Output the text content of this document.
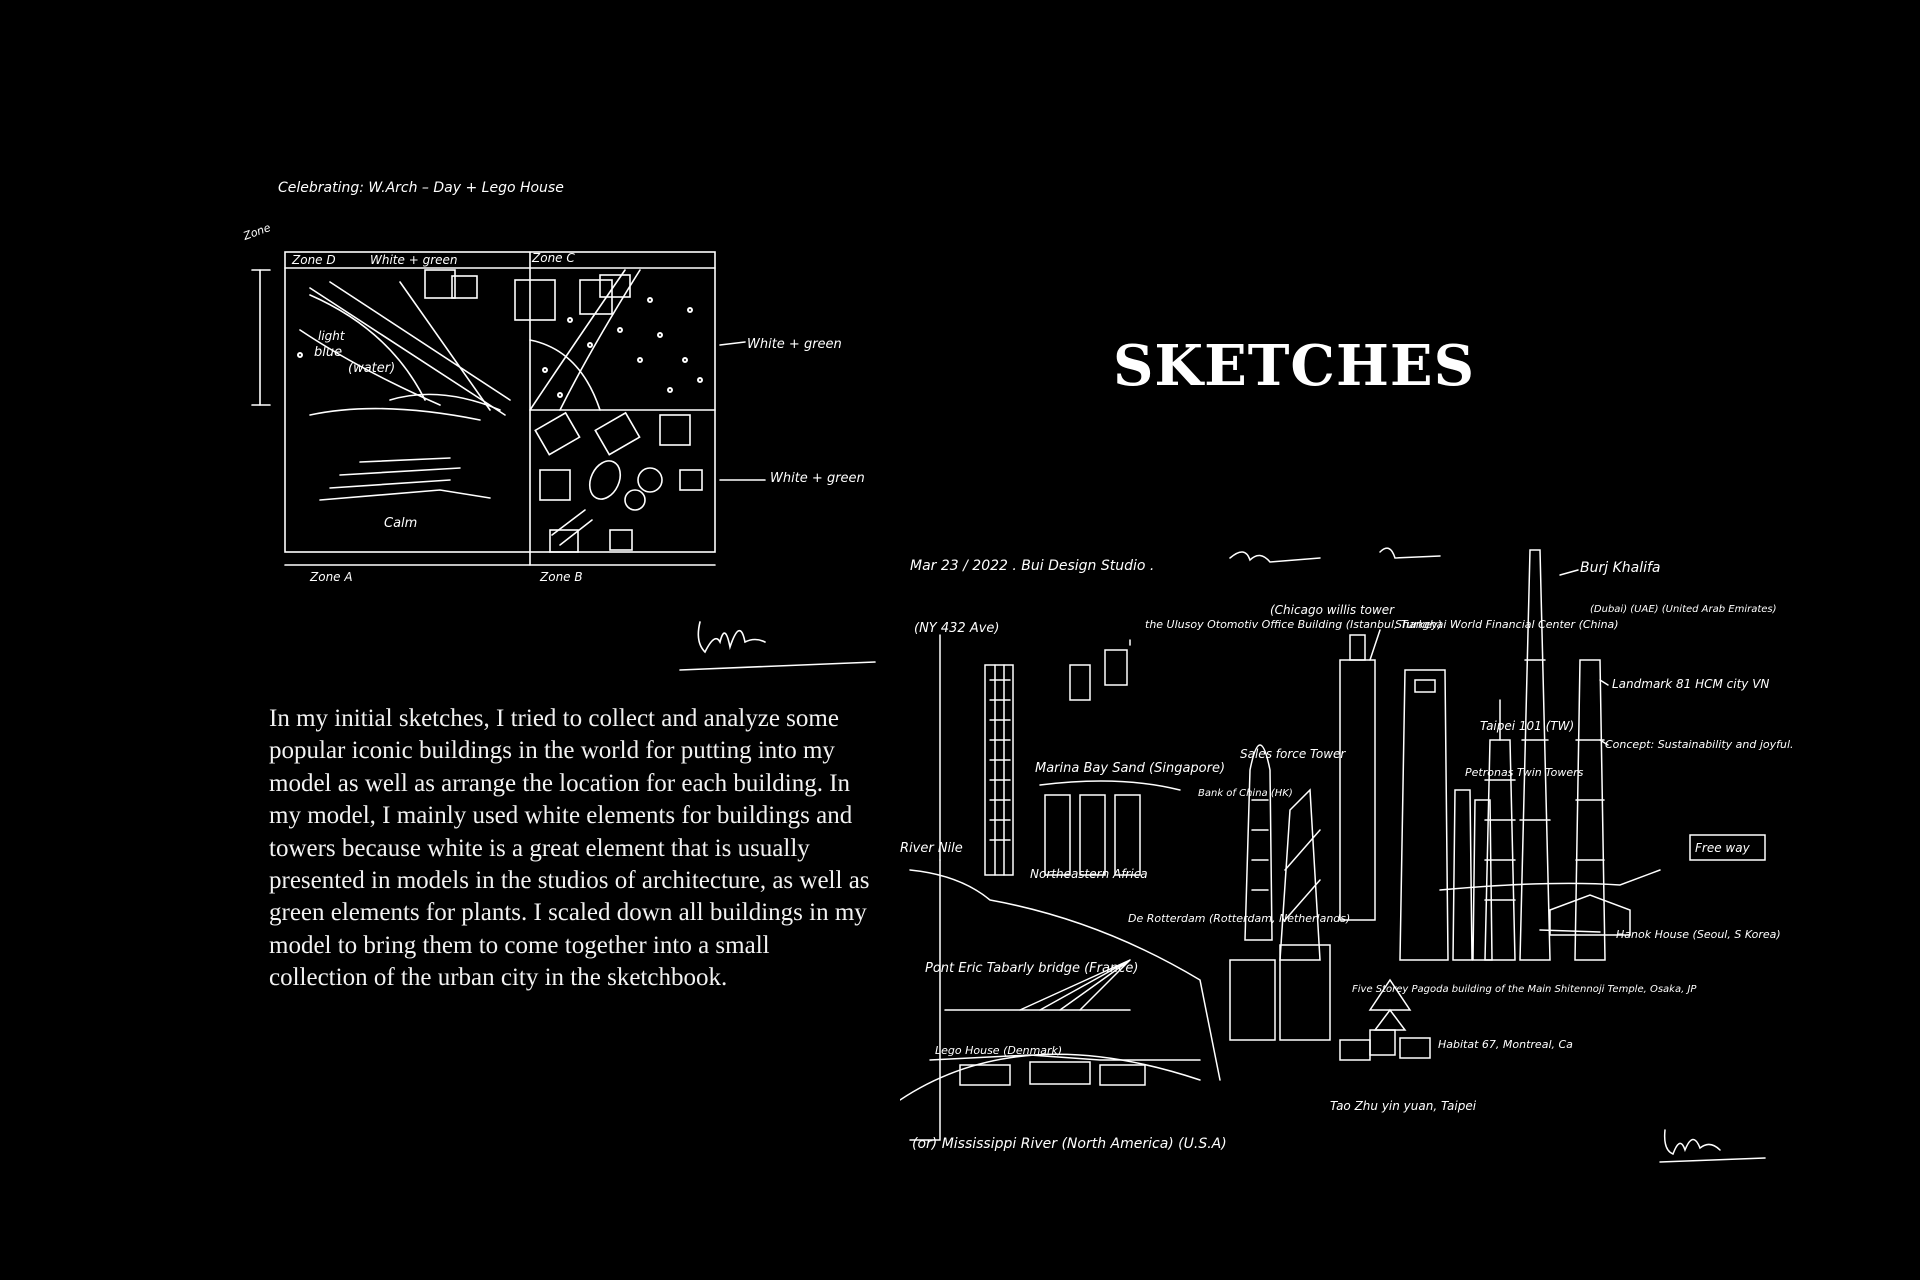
Celebrating: W.Arch – Day + Lego House
Zone
Zone D	White + green	Zone C
light
blue
(water)
Calm
Zone A	Zone B
White + green
White + green
SKETCHES
In my initial sketches, I tried to collect and analyze some popular iconic buildings in the world for putting into my model as well as arrange the location for each building. In my model, I mainly used white elements for buildings and towers because white is a great element that is usually presented in models in the studios of architecture, as well as green elements for plants. I scaled down all buildings in my model to bring them to come together into a small collection of the urban city in the sketchbook.
Mar 23 / 2022 . Bui Design Studio .
(NY 432 Ave)	the Ulusoy Otomotiv Office Building (Istanbul, Turkey)
(Chicago willis tower
Shanghai World Financial Center (China)
Burj Khalifa
(Dubai) (UAE) (United Arab Emirates)
Landmark 81 HCM city VN
Concept: Sustainability and joyful.
Marina Bay Sand (Singapore)
Sales force Tower
Taipei 101 (TW)
Petronas Twin Towers
Bank of China (HK)
Free way
River Nile
Northeastern Africa
De Rotterdam (Rotterdam, Netherlands)
Hanok House (Seoul, S Korea)
Pont Eric Tabarly bridge (France)
Five Storey Pagoda building of the Main Shitennoji Temple, Osaka, JP
Lego House (Denmark)	Habitat 67, Montreal, Ca
Tao Zhu yin yuan, Taipei
(or) Mississippi River (North America) (U.S.A)
